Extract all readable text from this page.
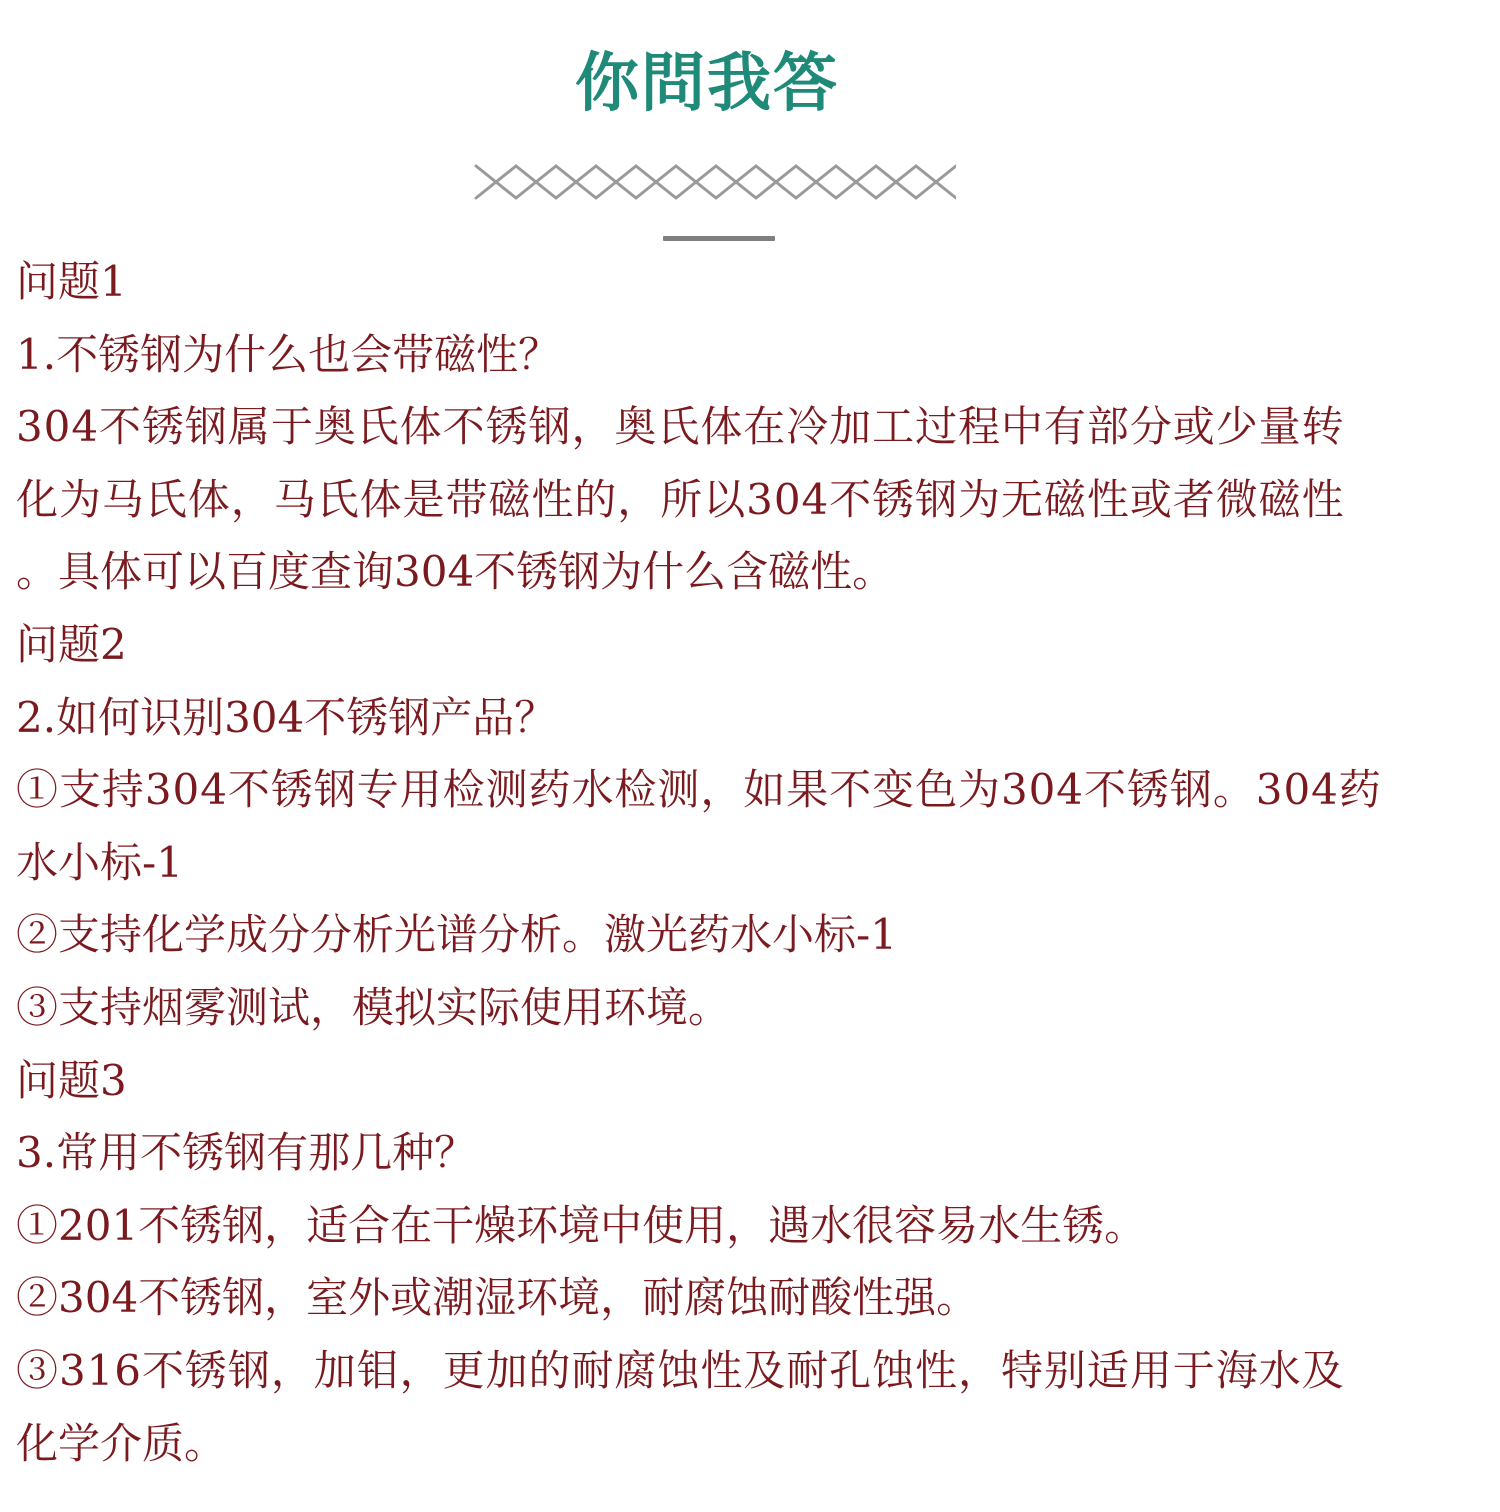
你問我答
问题1
1.不锈钢为什么也会带磁性？
304不锈钢属于奥氏体不锈钢，奥氏体在冷加工过程中有部分或少量转
化为马氏体，马氏体是带磁性的，所以304不锈钢为无磁性或者微磁性
。具体可以百度查询304不锈钢为什么含磁性。
问题2
2.如何识别304不锈钢产品？
①支持304不锈钢专用检测药水检测，如果不变色为304不锈钢。304药
水小标-1
②支持化学成分分析光谱分析。激光药水小标-1
③支持烟雾测试，模拟实际使用环境。
问题3
3.常用不锈钢有那几种？
①201不锈钢，适合在干燥环境中使用，遇水很容易水生锈。
②304不锈钢，室外或潮湿环境，耐腐蚀耐酸性强。
③316不锈钢，加钼，更加的耐腐蚀性及耐孔蚀性，特别适用于海水及
化学介质。
